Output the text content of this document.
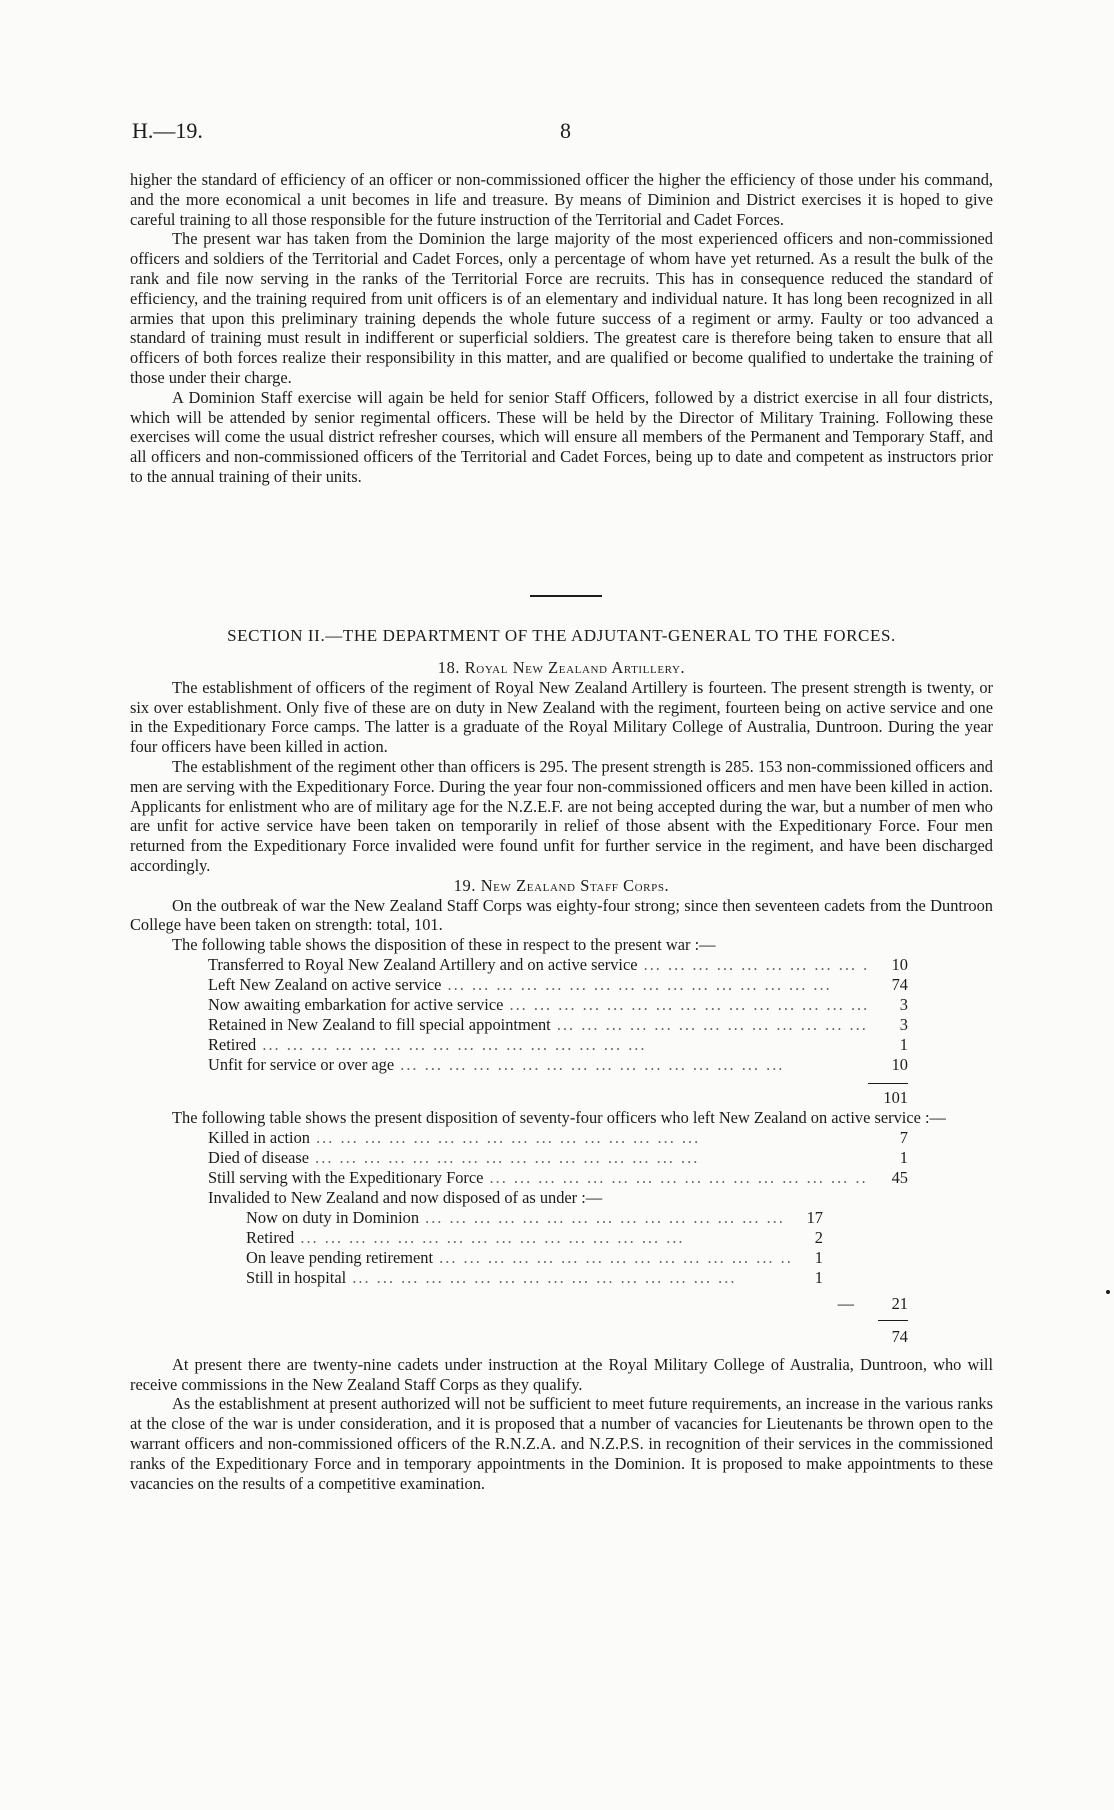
H.—19.	8

higher the standard of efficiency of an officer or non-commissioned officer the higher the efficiency of those under his command, and the more economical a unit becomes in life and treasure. By means of Diminion and District exercises it is hoped to give careful training to all those responsible for the future instruction of the Territorial and Cadet Forces.

The present war has taken from the Dominion the large majority of the most experienced officers and non-commissioned officers and soldiers of the Territorial and Cadet Forces, only a percentage of whom have yet returned. As a result the bulk of the rank and file now serving in the ranks of the Territorial Force are recruits. This has in consequence reduced the standard of efficiency, and the training required from unit officers is of an elementary and individual nature. It has long been recognized in all armies that upon this preliminary training depends the whole future success of a regiment or army. Faulty or too advanced a standard of training must result in indifferent or superficial soldiers. The greatest care is therefore being taken to ensure that all officers of both forces realize their responsibility in this matter, and are qualified or become qualified to undertake the training of those under their charge.

A Dominion Staff exercise will again be held for senior Staff Officers, followed by a district exercise in all four districts, which will be attended by senior regimental officers. These will be held by the Director of Military Training. Following these exercises will come the usual district refresher courses, which will ensure all members of the Permanent and Temporary Staff, and all officers and non-commissioned officers of the Territorial and Cadet Forces, being up to date and competent as instructors prior to the annual training of their units.

SECTION II.—THE DEPARTMENT OF THE ADJUTANT-GENERAL TO THE FORCES.

18. Royal New Zealand Artillery.

The establishment of officers of the regiment of Royal New Zealand Artillery is fourteen. The present strength is twenty, or six over establishment. Only five of these are on duty in New Zealand with the regiment, fourteen being on active service and one in the Expeditionary Force camps. The latter is a graduate of the Royal Military College of Australia, Duntroon. During the year four officers have been killed in action.

The establishment of the regiment other than officers is 295. The present strength is 285. 153 non-commissioned officers and men are serving with the Expeditionary Force. During the year four non-commissioned officers and men have been killed in action. Applicants for enlistment who are of military age for the N.Z.E.F. are not being accepted during the war, but a number of men who are unfit for active service have been taken on temporarily in relief of those absent with the Expeditionary Force. Four men returned from the Expeditionary Force invalided were found unfit for further service in the regiment, and have been discharged accordingly.

19. New Zealand Staff Corps.

On the outbreak of war the New Zealand Staff Corps was eighty-four strong; since then seventeen cadets from the Duntroon College have been taken on strength: total, 101.

The following table shows the disposition of these in respect to the present war :—

Transferred to Royal New Zealand Artillery and on active service ... .	10
Left New Zealand on active service ... .	74
Now awaiting embarkation for active service ... .	3
Retained in New Zealand to fill special appointment ... .	3
Retired ... .	1
Unfit for service or over age ... .	10
101

The following table shows the present disposition of seventy-four officers who left New Zealand on active service :—

Killed in action ... .	7
Died of disease ... .	1
Still serving with the Expeditionary Force ... .	45
Invalided to New Zealand and now disposed of as under :—
Now on duty in Dominion ... .	17
Retired ... .	2
On leave pending retirement ... .	1
Still in hospital ... .	1
—	21
74

At present there are twenty-nine cadets under instruction at the Royal Military College of Australia, Duntroon, who will receive commissions in the New Zealand Staff Corps as they qualify.

As the establishment at present authorized will not be sufficient to meet future requirements, an increase in the various ranks at the close of the war is under consideration, and it is proposed that a number of vacancies for Lieutenants be thrown open to the warrant officers and non-commissioned officers of the R.N.Z.A. and N.Z.P.S. in recognition of their services in the commissioned ranks of the Expeditionary Force and in temporary appointments in the Dominion. It is proposed to make appointments to these vacancies on the results of a competitive examination.
